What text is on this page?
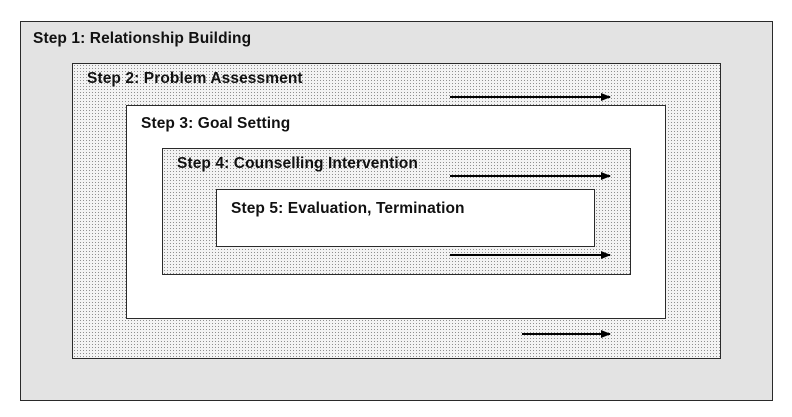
Step 1: Relationship Building
Step 2: Problem Assessment
Step 3: Goal Setting
Step 4: Counselling Intervention
Step 5: Evaluation, Termination
